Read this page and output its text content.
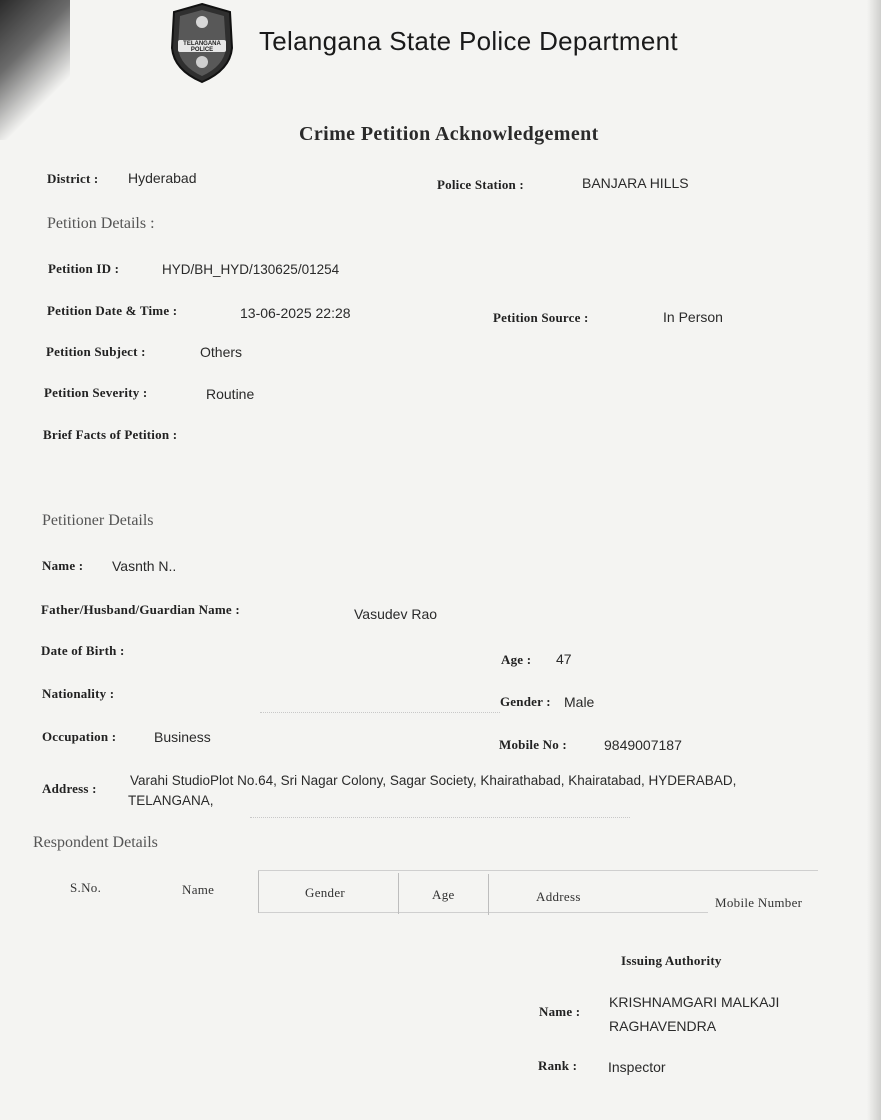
TELANGANA POLICE	Telangana State Police Department
Crime Petition Acknowledgement
District : Hyderabad	Police Station :	BANJARA HILLS
Petition Details :
Petition ID :	HYD/BH_HYD/130625/01254
Petition Date & Time :	13-06-2025 22:28	Petition Source :	In Person
Petition Subject :	Others
Petition Severity :	Routine
Brief Facts of Petition :
Petitioner Details
Name : Vasnth N..
Father/Husband/Guardian Name :	Vasudev Rao
Date of Birth :
Age : 47
Nationality :
Gender : Male
Occupation :	Business	Mobile No :	9849007187
Address :
Varahi StudioPlot No.64, Sri Nagar Colony, Sagar Society, Khairathabad, Khairatabad, HYDERABAD,
TELANGANA,
Respondent Details
S.No.	Name	Gender	Age	Address	Mobile Number
Issuing Authority
Name :
KRISHNAMGARI MALKAJI
RAGHAVENDRA
Rank : Inspector
